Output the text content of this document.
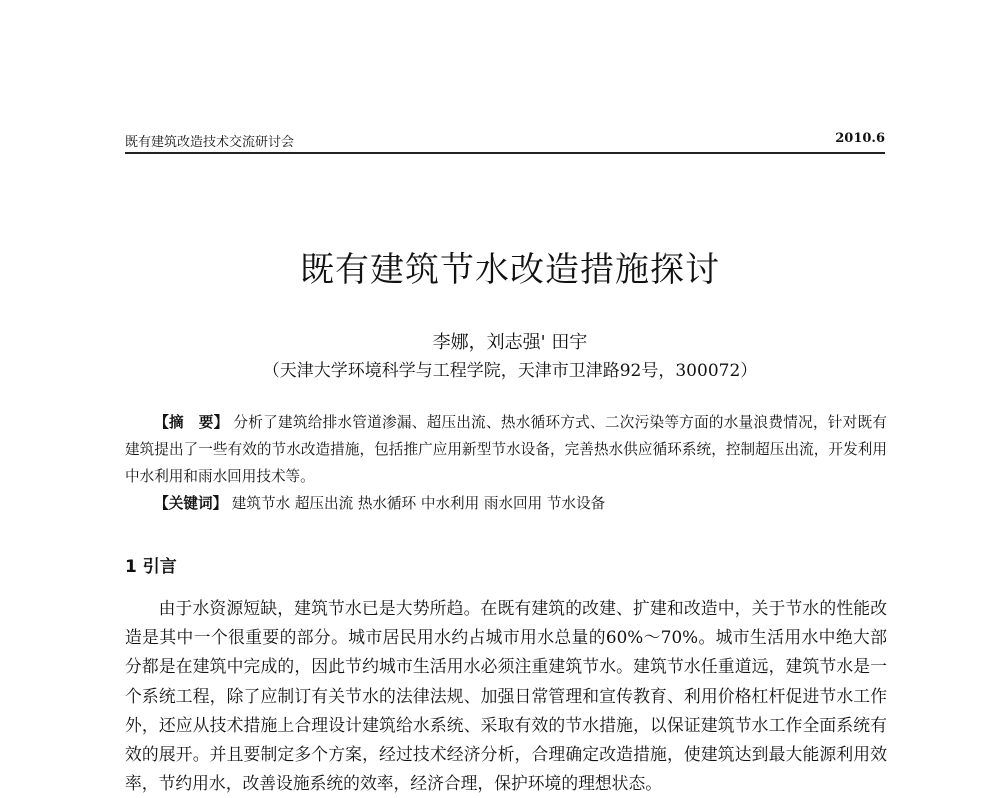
既有建筑改造技术交流研讨会	2010.6
既有建筑节水改造措施探讨
李娜，刘志强' 田宇
（天津大学环境科学与工程学院，天津市卫津路92号，300072）
【摘　要】 分析了建筑给排水管道渗漏、超压出流、热水循环方式、二次污染等方面的水量浪费情况，针对既有建筑提出了一些有效的节水改造措施，包括推广应用新型节水设备，完善热水供应循环系统，控制超压出流，开发利用中水利用和雨水回用技术等。
【关键词】 建筑节水 超压出流 热水循环 中水利用 雨水回用 节水设备
1 引言
由于水资源短缺，建筑节水已是大势所趋。在既有建筑的改建、扩建和改造中，关于节水的性能改造是其中一个很重要的部分。城市居民用水约占城市用水总量的60%～70%。城市生活用水中绝大部分都是在建筑中完成的，因此节约城市生活用水必须注重建筑节水。建筑节水任重道远，建筑节水是一个系统工程，除了应制订有关节水的法律法规、加强日常管理和宣传教育、利用价格杠杆促进节水工作外，还应从技术措施上合理设计建筑给水系统、采取有效的节水措施，以保证建筑节水工作全面系统有效的展开。并且要制定多个方案，经过技术经济分析，合理确定改造措施，使建筑达到最大能源利用效率，节约用水，改善设施系统的效率，经济合理，保护环境的理想状态。
